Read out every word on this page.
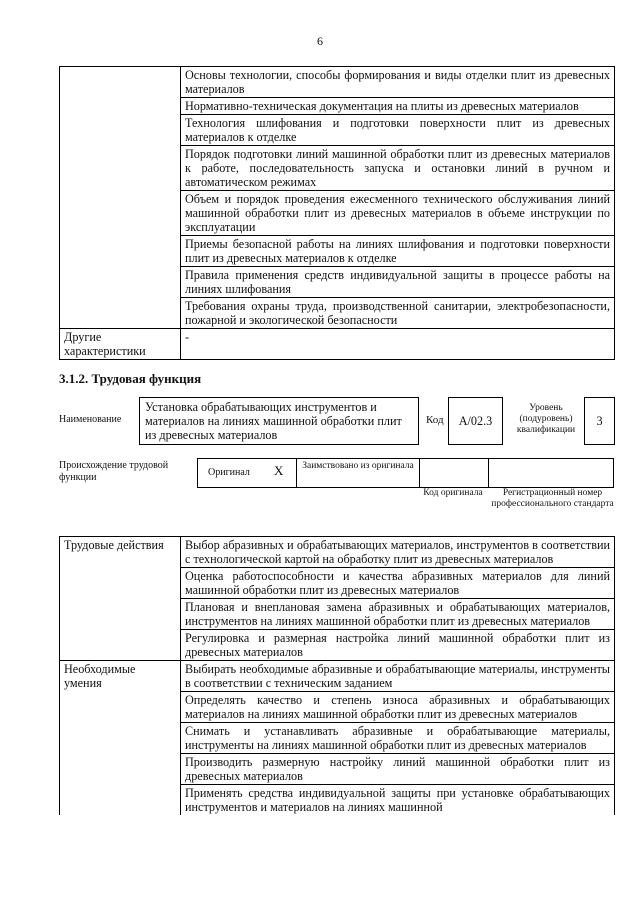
6
	Основы технологии, способы формирования и виды отделки плит из древесных материалов
	Нормативно-техническая документация на плиты из древесных материалов
	Технология шлифования и подготовки поверхности плит из древесных материалов к отделке
	Порядок подготовки линий машинной обработки плит из древесных материалов к работе, последовательность запуска и остановки линий в ручном и автоматическом режимах
	Объем и порядок проведения ежесменного технического обслуживания линий машинной обработки плит из древесных материалов в объеме инструкции по эксплуатации
	Приемы безопасной работы на линиях шлифования и подготовки поверхности плит из древесных материалов к отделке
	Правила применения средств индивидуальной защиты в процессе работы на линиях шлифования
	Требования охраны труда, производственной санитарии, электробезопасности, пожарной и экологической безопасности
Другие характеристики	-
3.1.2. Трудовая функция
Наименование
Установка обрабатывающих инструментов и материалов на линиях машинной обработки плит из древесных материалов
Код	A/02.3
Уровень (подуровень) квалификации
3
Происхождение трудовой функции	Оригинал X Заимствовано из оригинала
Код оригинала	Регистрационный номер профессионального стандарта
Трудовые действия	Выбор абразивных и обрабатывающих материалов, инструментов в соответствии с технологической картой на обработку плит из древесных материалов
	Оценка работоспособности и качества абразивных материалов для линий машинной обработки плит из древесных материалов
	Плановая и внеплановая замена абразивных и обрабатывающих материалов, инструментов на линиях машинной обработки плит из древесных материалов
	Регулировка и размерная настройка линий машинной обработки плит из древесных материалов
Необходимые умения	Выбирать необходимые абразивные и обрабатывающие материалы, инструменты в соответствии с техническим заданием
	Определять качество и степень износа абразивных и обрабатывающих материалов на линиях машинной обработки плит из древесных материалов
	Снимать и устанавливать абразивные и обрабатывающие материалы, инструменты на линиях машинной обработки плит из древесных материалов
	Производить размерную настройку линий машинной обработки плит из древесных материалов
	Применять средства индивидуальной защиты при установке обрабатывающих инструментов и материалов на линиях машинной
